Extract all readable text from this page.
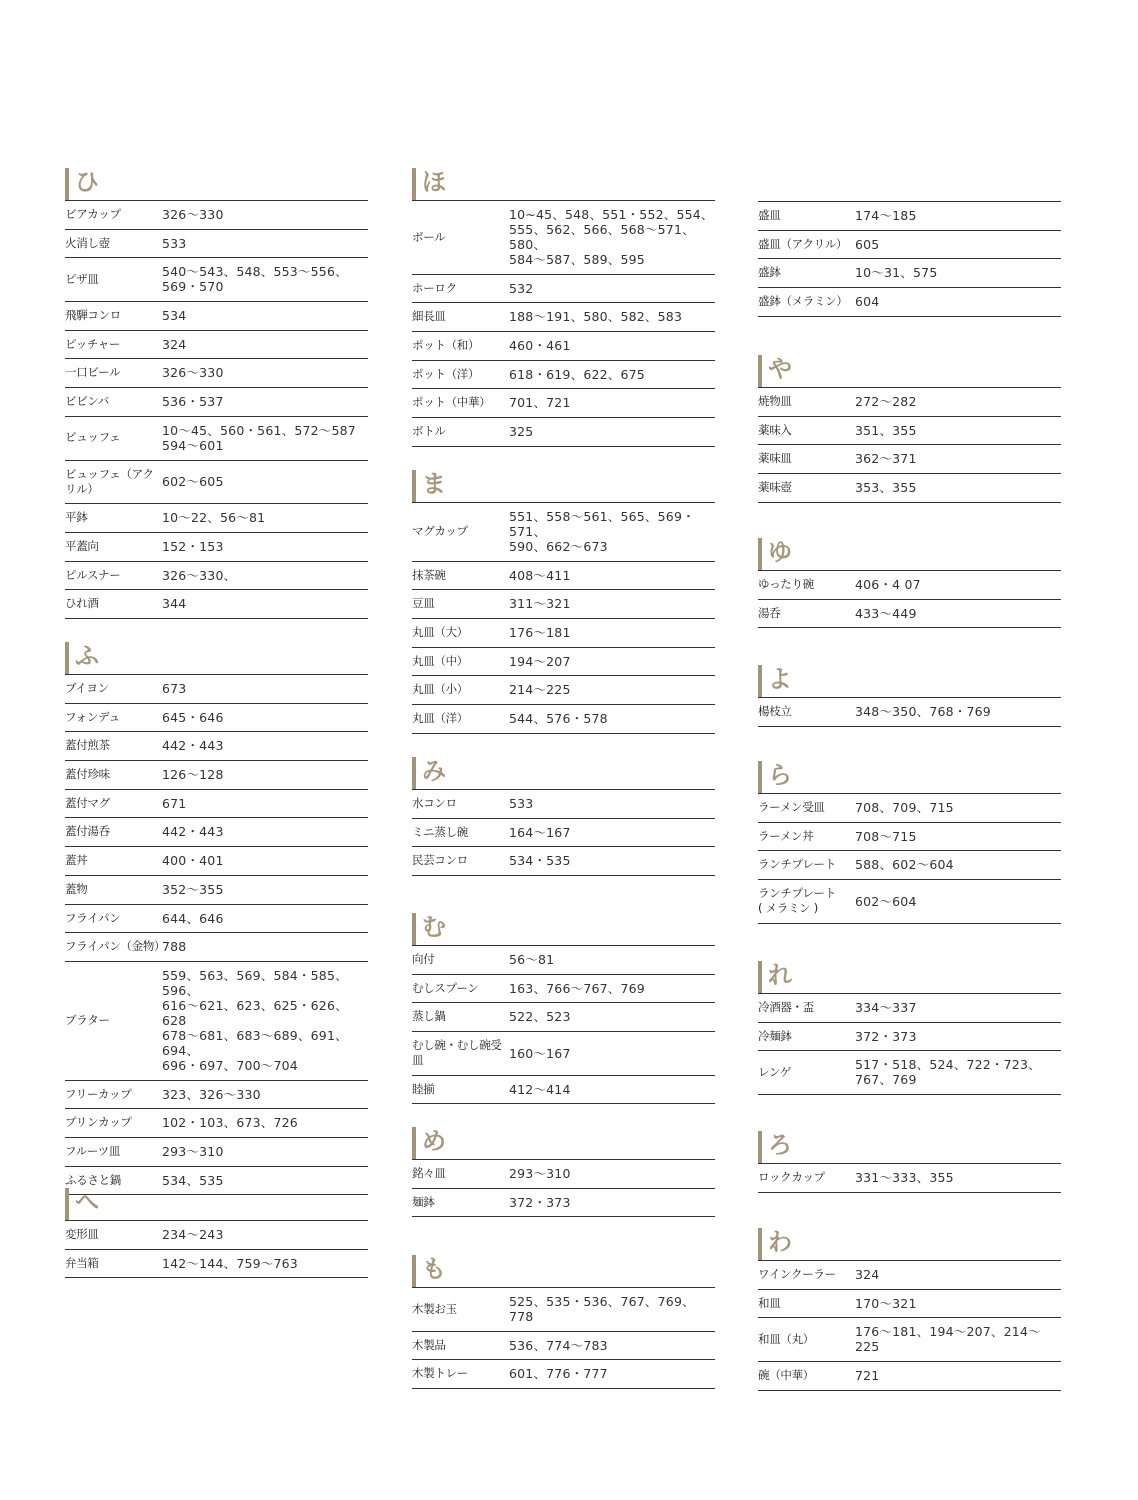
ひ
ビアカップ	326～330
火消し壺	533
ピザ皿	540～543、548、553～556、
569・570
飛騨コンロ	534
ピッチャー	324
一口ビール	326～330
ビビンバ	536・537
ビュッフェ	10～45、560・561、572～587
594～601
ビュッフェ（アクリル）	602～605
平鉢	10～22、56～81
平蓋向	152・153
ピルスナー	326～330、
ひれ酒	344
ふ
ブイヨン	673
フォンデュ	645・646
蓋付煎茶	442・443
蓋付珍味	126～128
蓋付マグ	671
蓋付湯呑	442・443
蓋丼	400・401
蓋物	352～355
フライパン	644、646
フライパン（金物）
788
ブラター
559、563、569、584・585、596、
616～621、623、625・626、628
678～681、683～689、691、694、
696・697、700～704
フリーカップ	323、326～330
プリンカップ	102・103、673、726
フルーツ皿	293～310
ふるさと鍋	534、535
へ
変形皿	234～243
弁当箱	142～144、759～763
ほ
ボール
10~45、548、551・552、554、
555、562、566、568～571、580、
584～587、589、595
ホーロク	532
細長皿	188～191、580、582、583
ポット（和）	460・461
ポット（洋）	618・619、622、675
ポット（中華）	701、721
ボトル	325
ま
マグカップ
551、558～561、565、569・571、
590、662～673
抹茶碗	408～411
豆皿	311～321
丸皿（大）	176～181
丸皿（中）	194～207
丸皿（小）	214～225
丸皿（洋）	544、576・578
み
水コンロ	533
ミニ蒸し碗	164～167
民芸コンロ	534・535
む
向付	56～81
むしスプーン	163、766～767、769
蒸し鍋	522、523
むし碗・むし碗受皿	160～167
睦揃	412～414
め
銘々皿	293～310
麺鉢	372・373
も
木製お玉	525、535・536、767、769、778
木製品	536、774～783
木製トレー	601、776・777
盛皿	174～185
盛皿（アクリル） 605
盛鉢	10～31、575
盛鉢（メラミン） 604
や
焼物皿	272～282
薬味入	351、355
薬味皿	362～371
薬味壺	353、355
ゆ
ゆったり碗	406・4 07
湯呑	433～449
よ
楊枝立	348～350、768・769
ら
ラーメン受皿	708、709、715
ラーメン丼	708～715
ランチプレート	588、602～604
ランチプレート
( メラミン )	602～604
れ
冷酒器・盃	334～337
冷麺鉢	372・373
レンゲ	517・518、524、722・723、
767、769
ろ
ロックカップ	331～333、355
わ
ワインクーラー	324
和皿	170～321
和皿（丸）	176～181、194～207、214～225
碗（中華）	721
